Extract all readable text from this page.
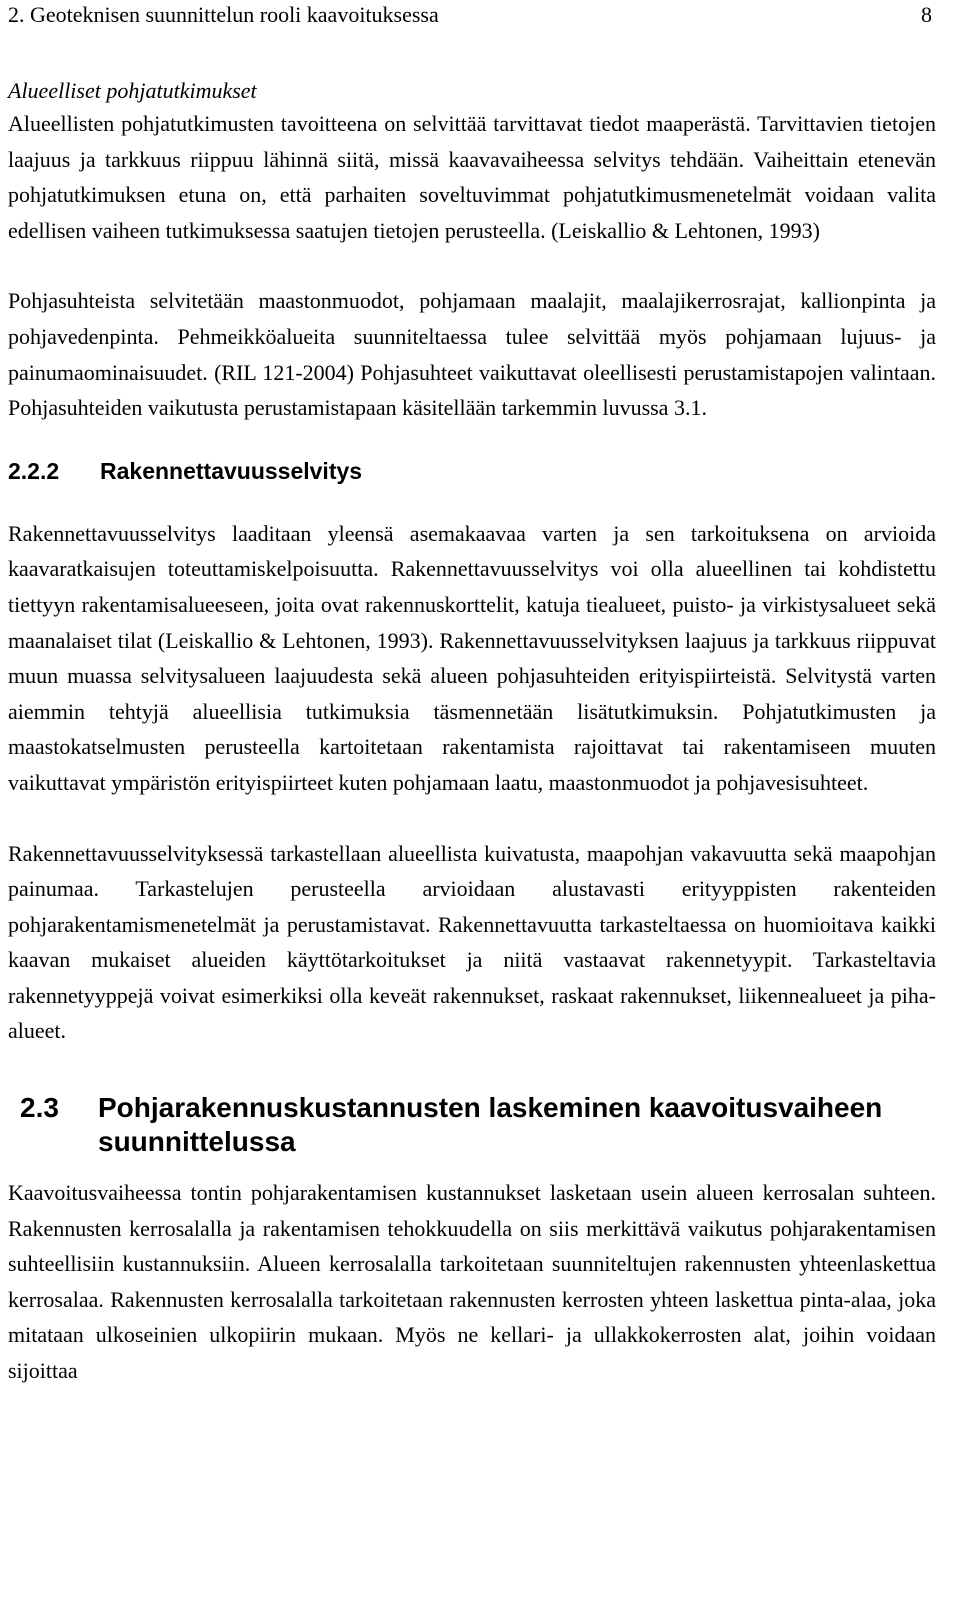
2. Geoteknisen suunnittelun rooli kaavoituksessa	8
Alueelliset pohjatutkimukset

Alueellisten pohjatutkimusten tavoitteena on selvittää tarvittavat tiedot maaperästä. Tarvittavien tietojen laajuus ja tarkkuus riippuu lähinnä siitä, missä kaavavaiheessa selvitys tehdään. Vaiheittain etenevän pohjatutkimuksen etuna on, että parhaiten soveltuvimmat pohjatutkimusmenetelmät voidaan valita edellisen vaiheen tutkimuksessa saatujen tietojen perusteella. (Leiskallio & Lehtonen, 1993)

Pohjasuhteista selvitetään maastonmuodot, pohjamaan maalajit, maalajikerrosrajat, kallionpinta ja pohjavedenpinta. Pehmeikköalueita suunniteltaessa tulee selvittää myös pohjamaan lujuus- ja painumaominaisuudet. (RIL 121-2004) Pohjasuhteet vaikuttavat oleellisesti perustamistapojen valintaan. Pohjasuhteiden vaikutusta perustamistapaan käsitellään tarkemmin luvussa 3.1.

2.2.2 Rakennettavuusselvitys

Rakennettavuusselvitys laaditaan yleensä asemakaavaa varten ja sen tarkoituksena on arvioida kaavaratkaisujen toteuttamiskelpoisuutta. Rakennettavuusselvitys voi olla alueellinen tai kohdistettu tiettyyn rakentamisalueeseen, joita ovat rakennuskorttelit, katuja tiealueet, puisto- ja virkistysalueet sekä maanalaiset tilat (Leiskallio & Lehtonen, 1993). Rakennettavuusselvityksen laajuus ja tarkkuus riippuvat muun muassa selvitysalueen laajuudesta sekä alueen pohjasuhteiden erityispiirteistä. Selvitystä varten aiemmin tehtyjä alueellisia tutkimuksia täsmennetään lisätutkimuksin. Pohjatutkimusten ja maastokatselmusten perusteella kartoitetaan rakentamista rajoittavat tai rakentamiseen muuten vaikuttavat ympäristön erityispiirteet kuten pohjamaan laatu, maastonmuodot ja pohjavesisuhteet.

Rakennettavuusselvityksessä tarkastellaan alueellista kuivatusta, maapohjan vakavuutta sekä maapohjan painumaa. Tarkastelujen perusteella arvioidaan alustavasti erityyppisten rakenteiden pohjarakentamismenetelmät ja perustamistavat. Rakennettavuutta tarkasteltaessa on huomioitava kaikki kaavan mukaiset alueiden käyttötarkoitukset ja niitä vastaavat rakennetyypit. Tarkasteltavia rakennetyyppejä voivat esimerkiksi olla keveät rakennukset, raskaat rakennukset, liikennealueet ja piha-alueet.

2.3	Pohjarakennuskustannusten laskeminen kaavoitusvaiheen suunnittelussa

Kaavoitusvaiheessa tontin pohjarakentamisen kustannukset lasketaan usein alueen kerrosalan suhteen. Rakennusten kerrosalalla ja rakentamisen tehokkuudella on siis merkittävä vaikutus pohjarakentamisen suhteellisiin kustannuksiin. Alueen kerrosalalla tarkoitetaan suunniteltujen rakennusten yhteenlaskettua kerrosalaa. Rakennusten kerrosalalla tarkoitetaan rakennusten kerrosten yhteen laskettua pinta-alaa, joka mitataan ulkoseinien ulkopiirin mukaan. Myös ne kellari- ja ullakkokerrosten alat, joihin voidaan sijoittaa
